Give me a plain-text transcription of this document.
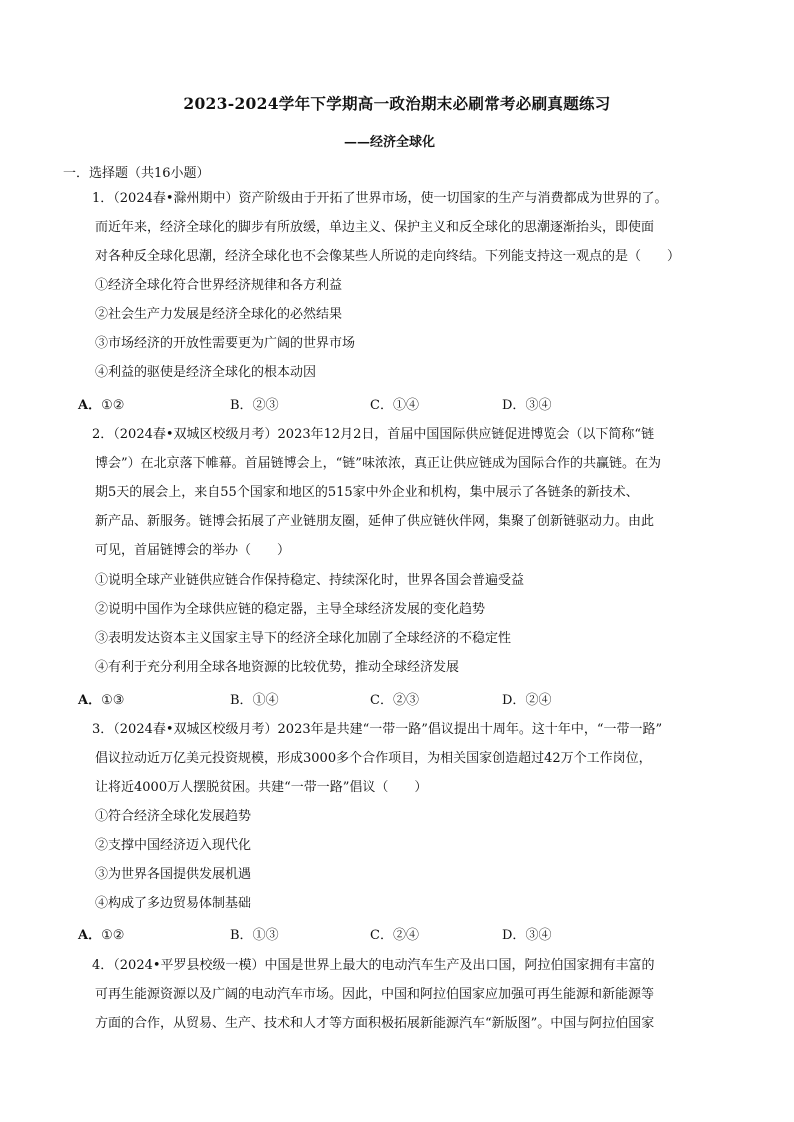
2023-2024学年下学期高一政治期末必刷常考必刷真题练习
——经济全球化
一．选择题（共16小题）
1．（2024春•滁州期中）资产阶级由于开拓了世界市场，使一切国家的生产与消费都成为世界的了。
而近年来，经济全球化的脚步有所放缓，单边主义、保护主义和反全球化的思潮逐渐抬头，即使面
对各种反全球化思潮，经济全球化也不会像某些人所说的走向终结。下列能支持这一观点的是（　　）
①经济全球化符合世界经济规律和各方利益
②社会生产力发展是经济全球化的必然结果
③市场经济的开放性需要更为广阔的世界市场
④利益的驱使是经济全球化的根本动因
A．①②	B．②③	C．①④	D．③④
2．（2024春•双城区校级月考）2023年12月2日，首届中国国际供应链促进博览会（以下简称“链
博会”）在北京落下帷幕。首届链博会上，“链”味浓浓，真正让供应链成为国际合作的共赢链。在为
期5天的展会上，来自55个国家和地区的515家中外企业和机构，集中展示了各链条的新技术、
新产品、新服务。链博会拓展了产业链朋友圈，延伸了供应链伙伴网，集聚了创新链驱动力。由此
可见，首届链博会的举办（　　）
①说明全球产业链供应链合作保持稳定、持续深化时，世界各国会普遍受益
②说明中国作为全球供应链的稳定器，主导全球经济发展的变化趋势
③表明发达资本主义国家主导下的经济全球化加剧了全球经济的不稳定性
④有利于充分利用全球各地资源的比较优势，推动全球经济发展
A．①③	B．①④	C．②③	D．②④
3．（2024春•双城区校级月考）2023年是共建“一带一路”倡议提出十周年。这十年中，“一带一路”
倡议拉动近万亿美元投资规模，形成3000多个合作项目，为相关国家创造超过42万个工作岗位，
让将近4000万人摆脱贫困。共建“一带一路”倡议（　　）
①符合经济全球化发展趋势
②支撑中国经济迈入现代化
③为世界各国提供发展机遇
④构成了多边贸易体制基础
A．①②	B．①③	C．②④	D．③④
4．（2024•平罗县校级一模）中国是世界上最大的电动汽车生产及出口国，阿拉伯国家拥有丰富的
可再生能源资源以及广阔的电动汽车市场。因此，中国和阿拉伯国家应加强可再生能源和新能源等
方面的合作，从贸易、生产、技术和人才等方面积极拓展新能源汽车“新版图”。中国与阿拉伯国家
